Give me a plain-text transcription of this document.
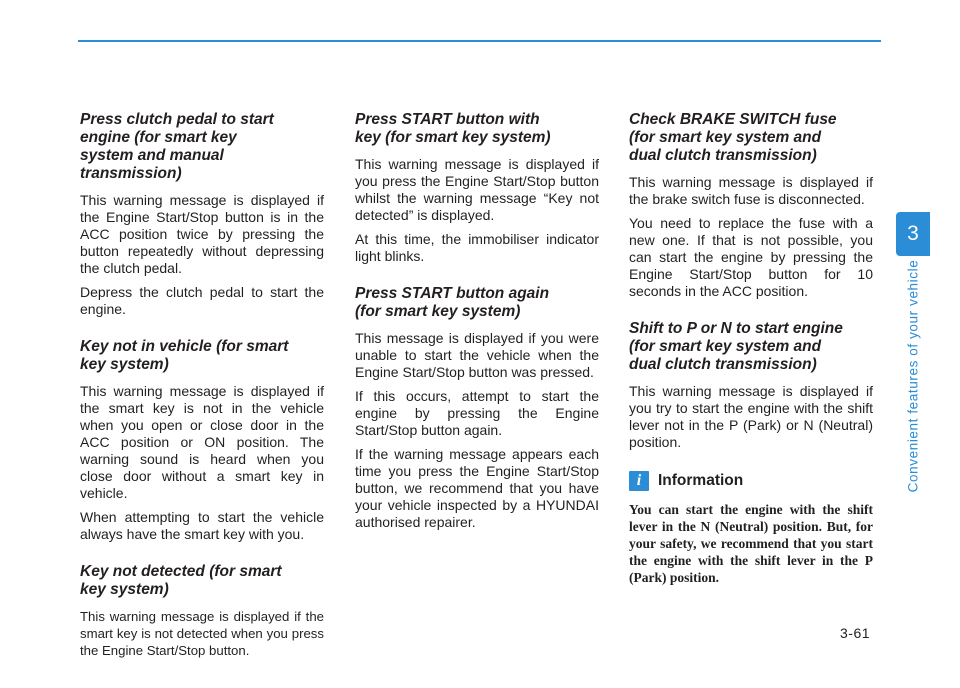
Press clutch pedal to start engine (for smart key system and manual transmission)

This warning message is displayed if the Engine Start/Stop button is in the ACC position twice by pressing the button repeatedly without depressing the clutch pedal.

Depress the clutch pedal to start the engine.

Key not in vehicle (for smart key system)

This warning message is displayed if the smart key is not in the vehicle when you open or close door in the ACC position or ON position. The warning sound is heard when you close door without a smart key in vehicle.

When attempting to start the vehicle always have the smart key with you.

Key not detected (for smart key system)

This warning message is displayed if the smart key is not detected when you press the Engine Start/Stop button.

Press START button with key (for smart key system)

This warning message is displayed if you press the Engine Start/Stop button whilst the warning message “Key not detected” is displayed.

At this time, the immobiliser indicator light blinks.

Press START button again (for smart key system)

This message is displayed if you were unable to start the vehicle when the Engine Start/Stop button was pressed.

If this occurs, attempt to start the engine by pressing the Engine Start/Stop button again.

If the warning message appears each time you press the Engine Start/Stop button, we recommend that you have your vehicle inspected by a HYUNDAI authorised repairer.

Check BRAKE SWITCH fuse (for smart key system and dual clutch transmission)

This warning message is displayed if the brake switch fuse is disconnected.

You need to replace the fuse with a new one. If that is not possible, you can start the engine by pressing the Engine Start/Stop button for 10 seconds in the ACC position.

Shift to P or N to start engine (for smart key system and dual clutch transmission)

This warning message is displayed if you try to start the engine with the shift lever not in the P (Park) or N (Neutral) position.

i	Information

You can start the engine with the shift lever in the N (Neutral) position. But, for your safety, we recommend that you start the engine with the shift lever in the P (Park) position.

3
Convenient features of your vehicle
3-61
